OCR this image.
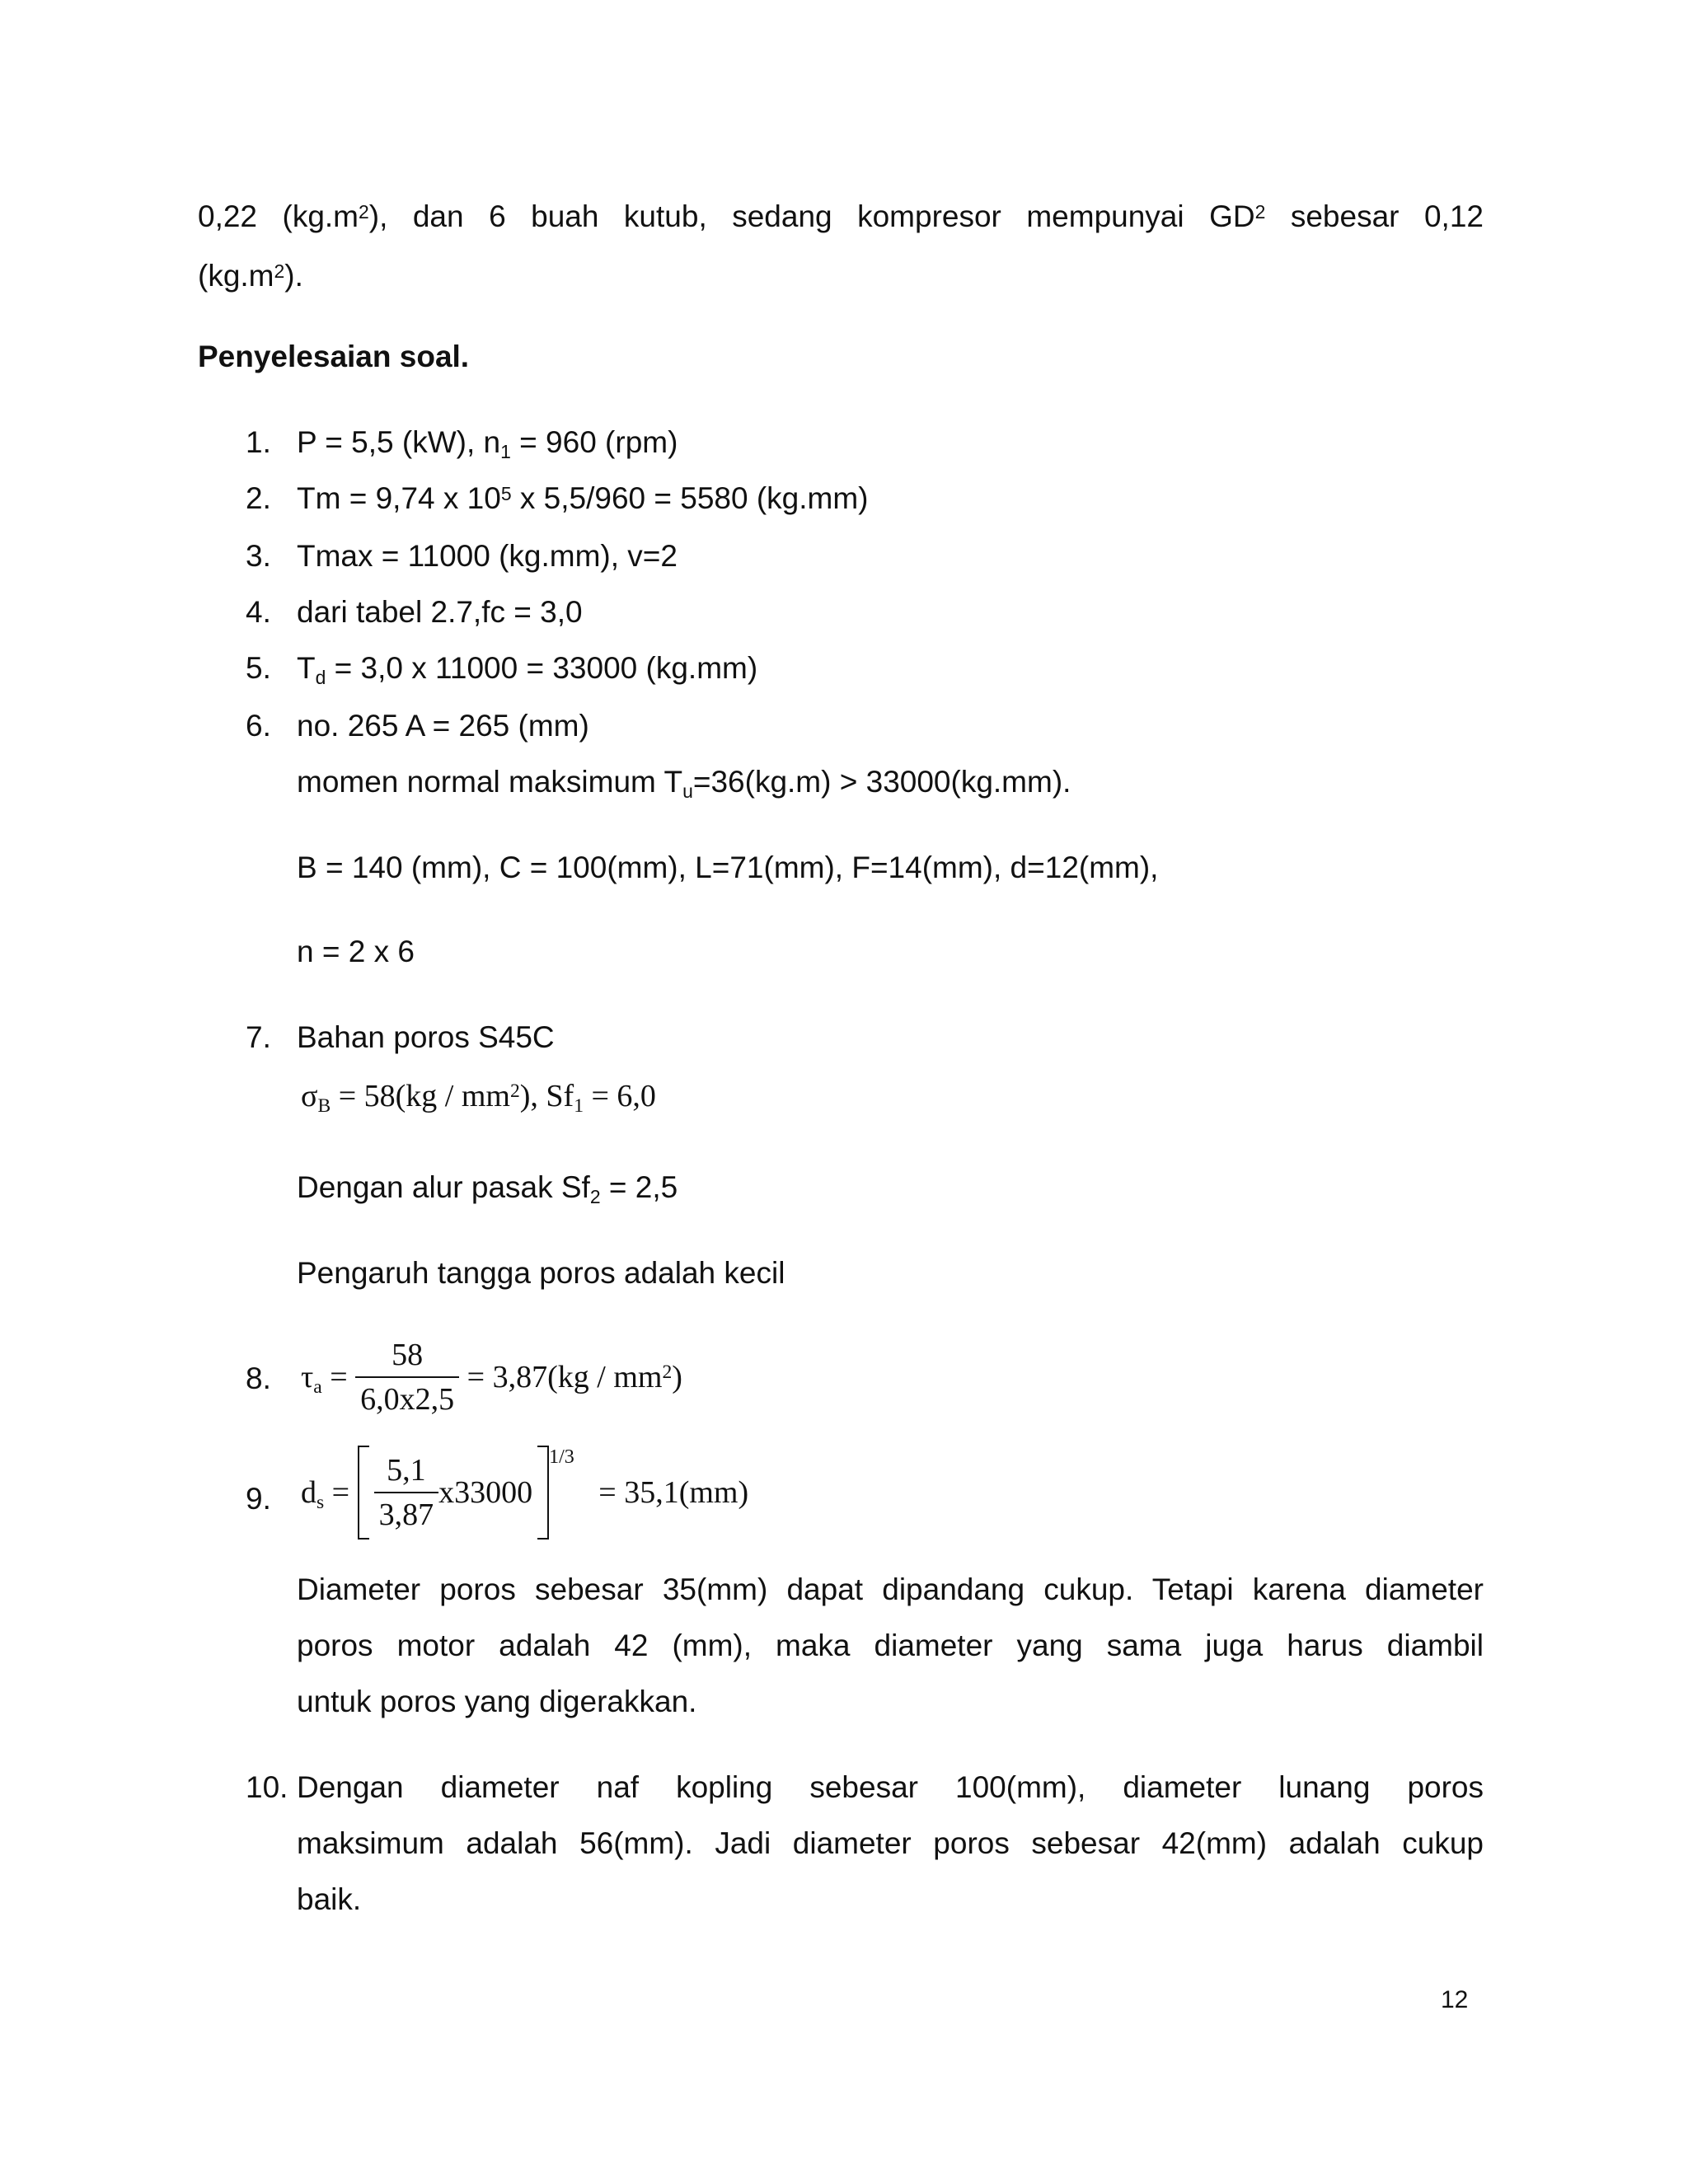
0,22 $(kg.m^2)$, dan 6 buah kutub, sedang kompresor mempunyai $GD^2$ sebesar 0,12
$(kg.m^2)$.
Penyelesaian soal.
1. P = 5,5 (kW), $n_1 = 960$ (rpm)
2. Tm = 9,74 x $10^5$ x 5,5/960 = 5580 (kg.mm)
3. Tmax = 11000 (kg.mm), v=2
4. dari tabel 2.7,fc = 3,0
5. $T_d = 3,0$ x 11000 = 33000 (kg.mm)
6. no. 265 A = 265 (mm)
momen normal maksimum $T_u=36(kg.m) > 33000(kg.mm)$.
B = 140 (mm), C = 100(mm), L=71(mm), F=14(mm), d=12(mm),
n = 2 x 6
7. Bahan poros S45C
$\sigma_B = 58(kg / mm^2)$, $Sf_1 = 6,0$
Dengan alur pasak $Sf_2 = 2,5$
Pengaruh tangga poros adalah kecil
8. $\tau_a = \frac{58}{6,0x2,5} = 3,87(kg / mm^2)$
9. $d_s = \frac{5,1}{3,87} x33000$
$^{1/3}$ = 35,1(mm)
Diameter poros sebesar 35(mm) dapat dipandang cukup. Tetapi karena diameter
poros motor adalah 42 (mm), maka diameter yang sama juga harus diambil
untuk poros yang digerakkan.
10. Dengan diameter naf kopling sebesar 100(mm), diameter lunang poros
maksimum adalah 56(mm). Jadi diameter poros sebesar 42(mm) adalah cukup
baik.
12
